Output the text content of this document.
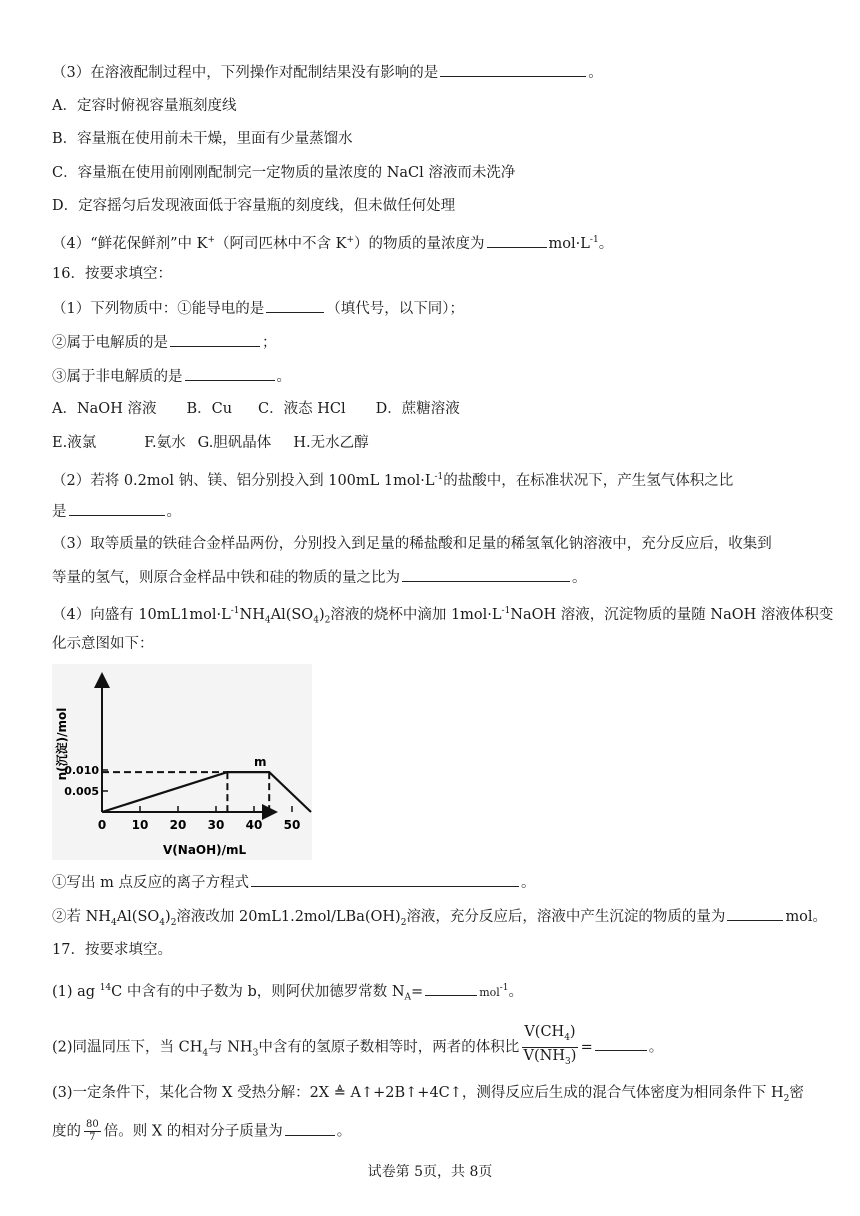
（3）在溶液配制过程中，下列操作对配制结果没有影响的是	。
A．定容时俯视容量瓶刻度线
B．容量瓶在使用前未干燥，里面有少量蒸馏水
C．容量瓶在使用前刚刚配制完一定物质的量浓度的 NaCl 溶液而未洗净
D．定容摇匀后发现液面低于容量瓶的刻度线，但未做任何处理
（4）“鲜花保鲜剂”中 K+（阿司匹林中不含 K+）的物质的量浓度为	$mol\cdot L^{-1}$。
16．按要求填空：
（1）下列物质中：①能导电的是	（填代号，以下同）；
②属于电解质的是	；
③属于非电解质的是	。
A．NaOH 溶液 B．Cu C．液态 HCl D．蔗糖溶液
E.液氯	F.氨水 G.胆矾晶体 H.无水乙醇
（2）若将 0.2mol 钠、镁、铝分别投入到 100mL $1mol\cdot L^{-1}$的盐酸中，在标准状况下，产生氢气体积之比
是	。
（3）取等质量的铁硅合金样品两份，分别投入到足量的稀盐酸和足量的稀氢氧化钠溶液中，充分反应后，收集到
等量的氢气，则原合金样品中铁和硅的物质的量之比为	。
（4）向盛有 $10mL1mol\cdot L^{-1}NH_4Al(SO_4)_2$溶液的烧杯中滴加 $1mol\cdot L^{-1}NaOH$ 溶液，沉淀物质的量随 NaOH 溶液体积变
化示意图如下：
0 10 20 30 40 50
0.005
0.010
m
V(NaOH)/mL
n(沉淀)/mol
①写出 m 点反应的离子方程式	。
②若 $NH_4Al(SO_4)_2$溶液改加 $20mL1.2mol/LBa(OH)_2$溶液，充分反应后，溶液中产生沉淀的物质的量为	mol。
17．按要求填空。
(1) ag $^{14}$C 中含有的中子数为 b，则阿伏加德罗常数 $N_A=$	mol$^{-1}$。
(2)同温同压下，当 $CH_4$与 $NH_3$中含有的氢原子数相等时，两者的体积比 $\frac{V(CH_4)}{V(NH_3)}$ =	。
(3)一定条件下，某化合物 X 受热分解：2X ≜ A↑+2B↑+4C↑，测得反应后生成的混合气体密度为相同条件下 $H_2$密
度的 $\frac{80}{7}$ 倍。则 X 的相对分子质量为	。
试卷第 5页，共 8页
